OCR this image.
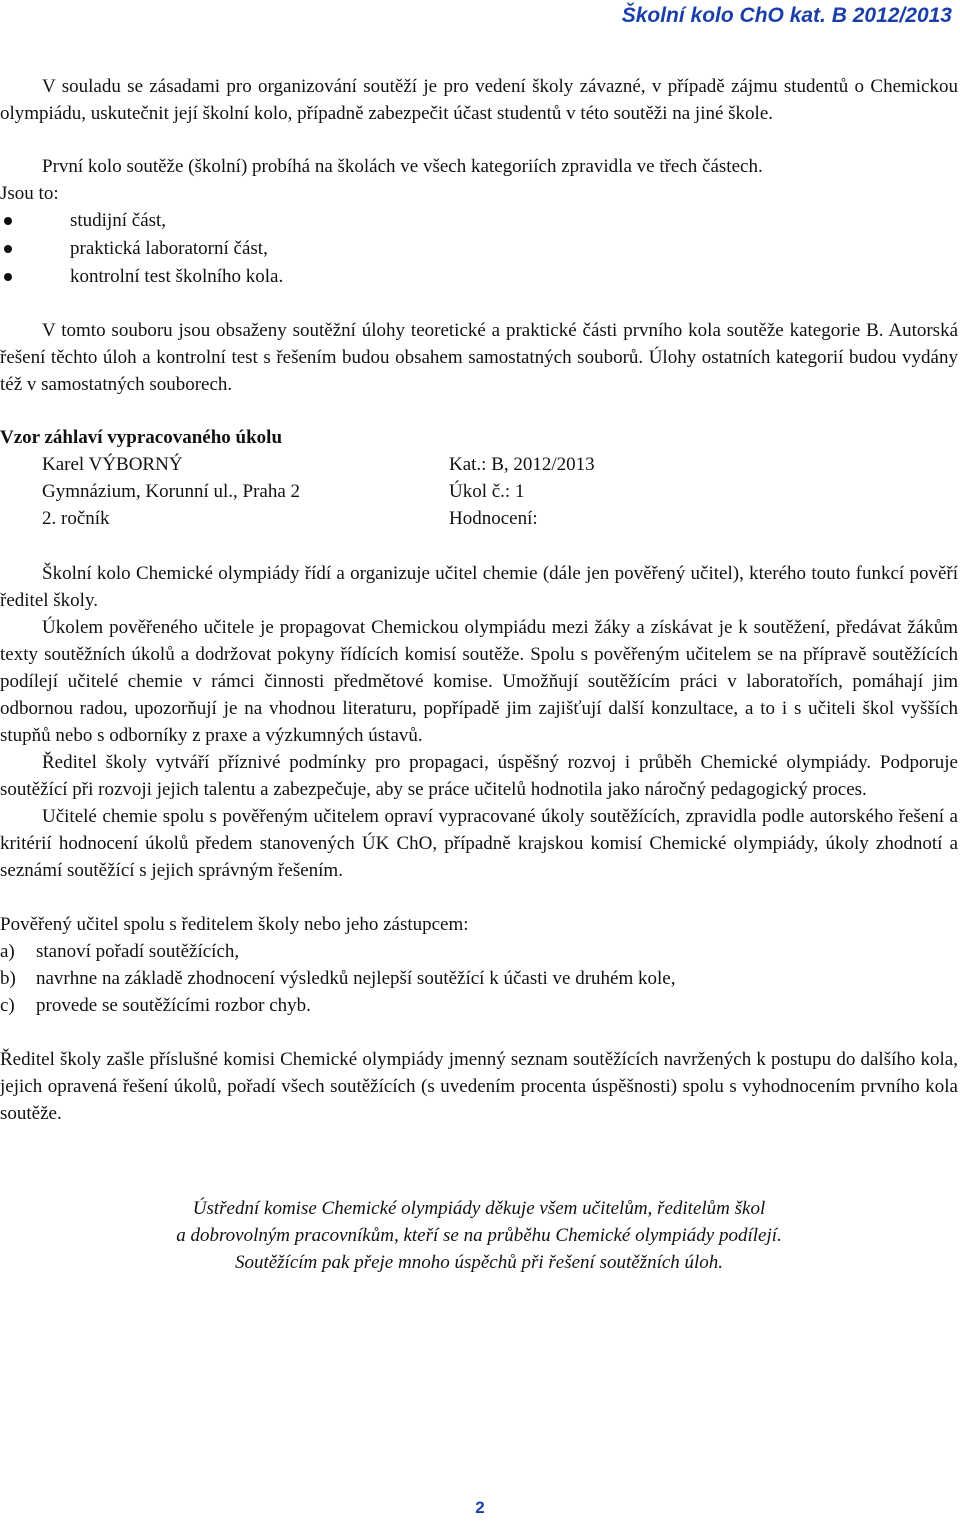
Školní kolo ChO kat. B 2012/2013

V souladu se zásadami pro organizování soutěží je pro vedení školy závazné, v případě zájmu studentů o Chemickou olympiádu, uskutečnit její školní kolo, případně zabezpečit účast studentů v této soutěži na jiné škole.

První kolo soutěže (školní) probíhá na školách ve všech kategoriích zpravidla ve třech částech.

Jsou to:

studijní část,
praktická laboratorní část,
kontrolní test školního kola.

V tomto souboru jsou obsaženy soutěžní úlohy teoretické a praktické části prvního kola soutěže kategorie B. Autorská řešení těchto úloh a kontrolní test s řešením budou obsahem samostatných souborů. Úlohy ostatních kategorií budou vydány též v samostatných souborech.

Vzor záhlaví vypracovaného úkolu
Karel VÝBORNÝ	Kat.: B, 2012/2013
Gymnázium, Korunní ul., Praha 2	Úkol č.: 1
2. ročník	Hodnocení:

Školní kolo Chemické olympiády řídí a organizuje učitel chemie (dále jen pověřený učitel), kterého touto funkcí pověří ředitel školy.

Úkolem pověřeného učitele je propagovat Chemickou olympiádu mezi žáky a získávat je k soutěžení, předávat žákům texty soutěžních úkolů a dodržovat pokyny řídících komisí soutěže. Spolu s pověřeným učitelem se na přípravě soutěžících podílejí učitelé chemie v rámci činnosti předmětové komise. Umožňují soutěžícím práci v laboratořích, pomáhají jim odbornou radou, upozorňují je na vhodnou literaturu, popřípadě jim zajišťují další konzultace, a to i s učiteli škol vyšších stupňů nebo s odborníky z praxe a výzkumných ústavů.

Ředitel školy vytváří příznivé podmínky pro propagaci, úspěšný rozvoj i průběh Chemické olympiády. Podporuje soutěžící při rozvoji jejich talentu a zabezpečuje, aby se práce učitelů hodnotila jako náročný pedagogický proces.

Učitelé chemie spolu s pověřeným učitelem opraví vypracované úkoly soutěžících, zpravidla podle autorského řešení a kritérií hodnocení úkolů předem stanovených ÚK ChO, případně krajskou komisí Chemické olympiády, úkoly zhodnotí a seznámí soutěžící s jejich správným řešením.

Pověřený učitel spolu s ředitelem školy nebo jeho zástupcem:

a)	stanoví pořadí soutěžících,
b)	navrhne na základě zhodnocení výsledků nejlepší soutěžící k účasti ve druhém kole,
c)	provede se soutěžícími rozbor chyb.

Ředitel školy zašle příslušné komisi Chemické olympiády jmenný seznam soutěžících navržených k postupu do dalšího kola, jejich opravená řešení úkolů, pořadí všech soutěžících (s uvedením procenta úspěšnosti) spolu s vyhodnocením prvního kola soutěže.

Ústřední komise Chemické olympiády děkuje všem učitelům, ředitelům škol
a dobrovolným pracovníkům, kteří se na průběhu Chemické olympiády podílejí.
Soutěžícím pak přeje mnoho úspěchů při řešení soutěžních úloh.
2
